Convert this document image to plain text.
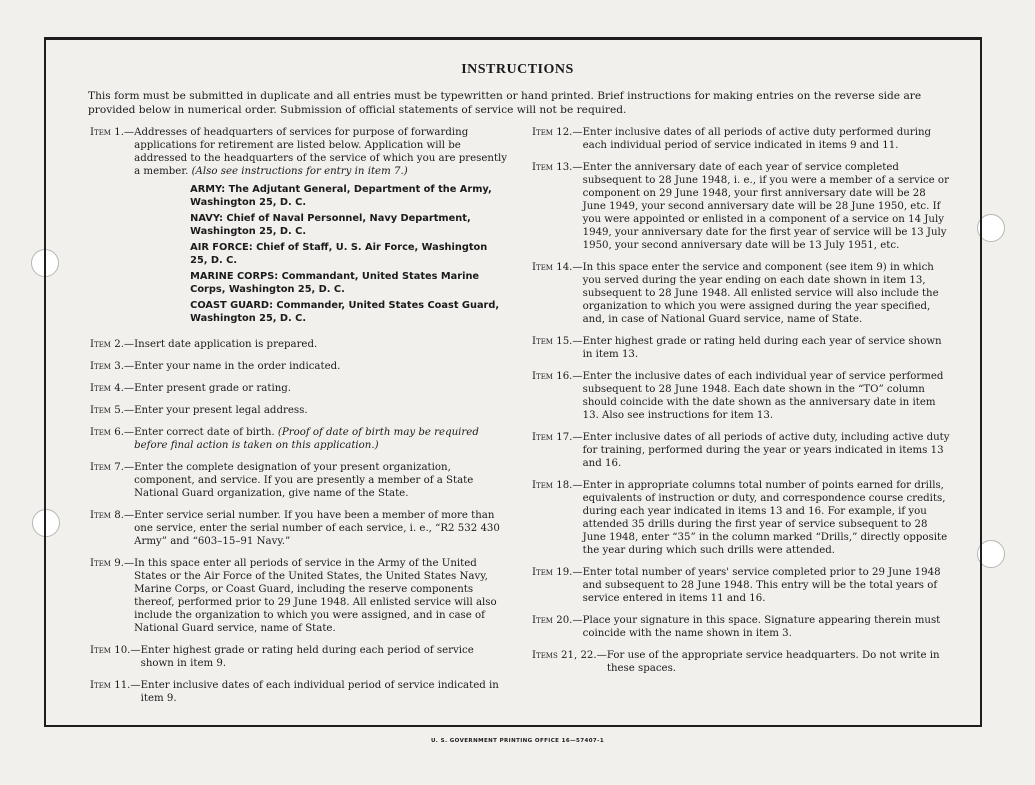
INSTRUCTIONS
This form must be submitted in duplicate and all entries must be typewritten or hand printed. Brief instructions for making entries on the reverse side are provided below in numerical order. Submission of official statements of service will not be required.
Item 1.— Addresses of headquarters of services for purpose of forwarding applications for retirement are listed below. Application will be addressed to the headquarters of the service of which you are presently a member. (Also see instructions for entry in item 7.)
ARMY: The Adjutant General, Department of the Army, Washington 25, D. C.
NAVY: Chief of Naval Personnel, Navy Department, Washington 25, D. C.
AIR FORCE: Chief of Staff, U. S. Air Force, Washington 25, D. C.
MARINE CORPS: Commandant, United States Marine Corps, Washington 25, D. C.
COAST GUARD: Commander, United States Coast Guard, Washington 25, D. C.
Item 2.— Insert date application is prepared.
Item 3.— Enter your name in the order indicated.
Item 4.— Enter present grade or rating.
Item 5.— Enter your present legal address.
Item 6.— Enter correct date of birth. (Proof of date of birth may be required before final action is taken on this application.)
Item 7.— Enter the complete designation of your present organization, component, and service. If you are presently a member of a State National Guard organization, give name of the State.
Item 8.— Enter service serial number. If you have been a member of more than one service, enter the serial number of each service, i. e., “R2 532 430 Army” and “603–15–91 Navy.”
Item 9.— In this space enter all periods of service in the Army of the United States or the Air Force of the United States, the United States Navy, Marine Corps, or Coast Guard, including the reserve components thereof, performed prior to 29 June 1948. All enlisted service will also include the organization to which you were assigned, and in case of National Guard service, name of State.
Item 10.— Enter highest grade or rating held during each period of service shown in item 9.
Item 11.— Enter inclusive dates of each individual period of service indicated in item 9.
Item 12.— Enter inclusive dates of all periods of active duty performed during each individual period of service indicated in items 9 and 11.
Item 13.— Enter the anniversary date of each year of service completed subsequent to 28 June 1948, i. e., if you were a member of a service or component on 29 June 1948, your first anniversary date will be 28 June 1949, your second anniversary date will be 28 June 1950, etc. If you were appointed or enlisted in a component of a service on 14 July 1949, your anniversary date for the first year of service will be 13 July 1950, your second anniversary date will be 13 July 1951, etc.
Item 14.— In this space enter the service and component (see item 9) in which you served during the year ending on each date shown in item 13, subsequent to 28 June 1948. All enlisted service will also include the organization to which you were assigned during the year specified, and, in case of National Guard service, name of State.
Item 15.— Enter highest grade or rating held during each year of service shown in item 13.
Item 16.— Enter the inclusive dates of each individual year of service performed subsequent to 28 June 1948. Each date shown in the “TO” column should coincide with the date shown as the anniversary date in item 13. Also see instructions for item 13.
Item 17.— Enter inclusive dates of all periods of active duty, including active duty for training, performed during the year or years indicated in items 13 and 16.
Item 18.— Enter in appropriate columns total number of points earned for drills, equivalents of instruction or duty, and correspondence course credits, during each year indicated in items 13 and 16. For example, if you attended 35 drills during the first year of service subsequent to 28 June 1948, enter “35” in the column marked “Drills,” directly opposite the year during which such drills were attended.
Item 19.— Enter total number of years' service completed prior to 29 June 1948 and subsequent to 28 June 1948. This entry will be the total years of service entered in items 11 and 16.
Item 20.— Place your signature in this space. Signature appearing therein must coincide with the name shown in item 3.
Items 21, 22.— For use of the appropriate service headquarters. Do not write in these spaces.
U. S. GOVERNMENT PRINTING OFFICE 16—57407-1
